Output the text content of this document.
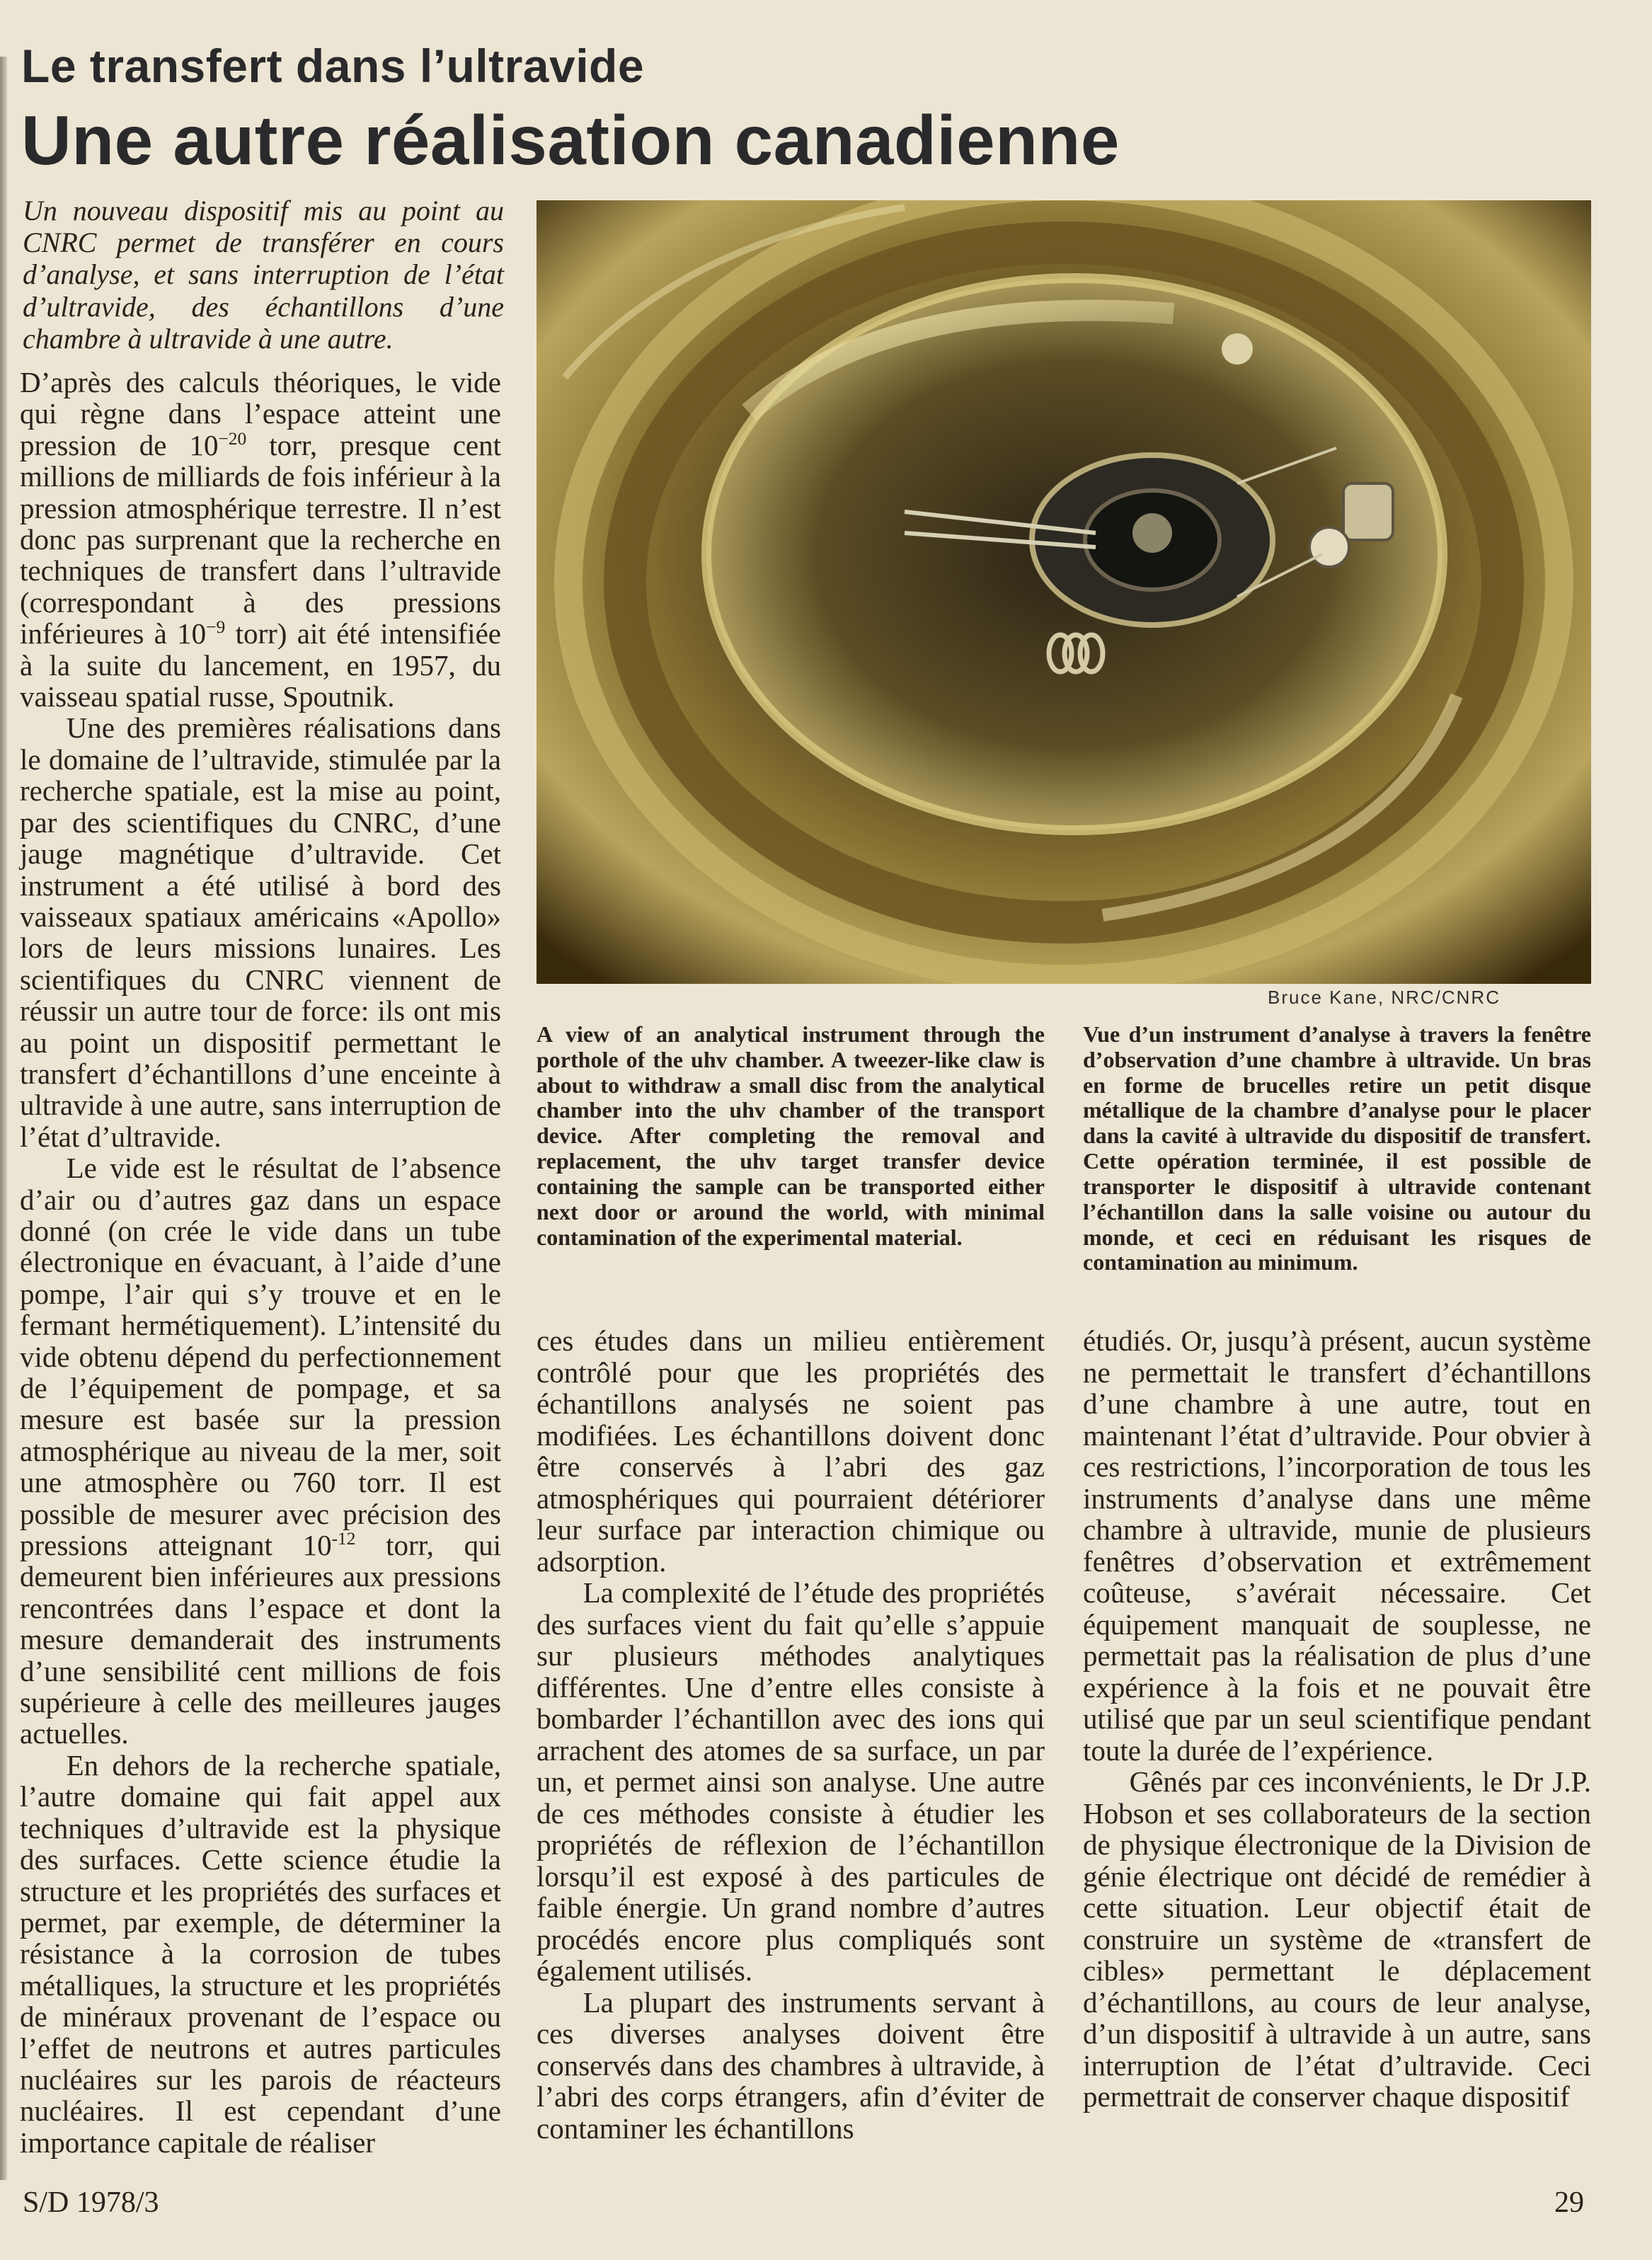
Le transfert dans l’ultravide
Une autre réalisation canadienne

Un nouveau dispositif mis au point au CNRC permet de transférer en cours d’analyse, et sans interruption de l’état d’ultravide, des échantillons d’une chambre à ultravide à une autre.

D’après des calculs théoriques, le vide qui règne dans l’espace atteint une pression de $10^{-20}$ torr, presque cent millions de milliards de fois inférieur à la pression atmosphérique terrestre. Il n’est donc pas surprenant que la recherche en techniques de transfert dans l’ultravide (correspondant à des pressions inférieures à $10^{-9}$ torr) ait été intensifiée à la suite du lancement, en 1957, du vaisseau spatial russe, Spoutnik.

Une des premières réalisations dans le domaine de l’ultravide, stimulée par la recherche spatiale, est la mise au point, par des scientifiques du CNRC, d’une jauge magnétique d’ultravide. Cet instrument a été utilisé à bord des vaisseaux spatiaux américains «Apollo» lors de leurs missions lunaires. Les scientifiques du CNRC viennent de réussir un autre tour de force: ils ont mis au point un dispositif permettant le transfert d’échantillons d’une enceinte à ultravide à une autre, sans interruption de l’état d’ultravide.

Le vide est le résultat de l’absence d’air ou d’autres gaz dans un espace donné (on crée le vide dans un tube électronique en évacuant, à l’aide d’une pompe, l’air qui s’y trouve et en le fermant hermétiquement). L’intensité du vide obtenu dépend du perfectionnement de l’équipement de pompage, et sa mesure est basée sur la pression atmosphérique au niveau de la mer, soit une atmosphère ou 760 torr. Il est possible de mesurer avec précision des pressions atteignant $10^{-12}$ torr, qui demeurent bien inférieures aux pressions rencontrées dans l’espace et dont la mesure demanderait des instruments d’une sensibilité cent millions de fois supérieure à celle des meilleures jauges actuelles.

En dehors de la recherche spatiale, l’autre domaine qui fait appel aux techniques d’ultravide est la physique des surfaces. Cette science étudie la structure et les propriétés des surfaces et permet, par exemple, de déterminer la résistance à la corrosion de tubes métalliques, la structure et les propriétés de minéraux provenant de l’espace ou l’effet de neutrons et autres particules nucléaires sur les parois de réacteurs nucléaires. Il est cependant d’une importance capitale de réaliser

Bruce Kane, NRC/CNRC

A view of an analytical instrument through the porthole of the uhv chamber. A tweezer-like claw is about to withdraw a small disc from the analytical chamber into the uhv chamber of the transport device. After completing the removal and replacement, the uhv target transfer device containing the sample can be transported either next door or around the world, with minimal contamination of the experimental material.

Vue d’un instrument d’analyse à travers la fenêtre d’observation d’une chambre à ultravide. Un bras en forme de brucelles retire un petit disque métallique de la chambre d’analyse pour le placer dans la cavité à ultravide du dispositif de transfert. Cette opération terminée, il est possible de transporter le dispositif à ultravide contenant l’échantillon dans la salle voisine ou autour du monde, et ceci en réduisant les risques de contamination au minimum.

ces études dans un milieu entièrement contrôlé pour que les propriétés des échantillons analysés ne soient pas modifiées. Les échantillons doivent donc être conservés à l’abri des gaz atmosphériques qui pourraient détériorer leur surface par interaction chimique ou adsorption.

La complexité de l’étude des propriétés des surfaces vient du fait qu’elle s’appuie sur plusieurs méthodes analytiques différentes. Une d’entre elles consiste à bombarder l’échantillon avec des ions qui arrachent des atomes de sa surface, un par un, et permet ainsi son analyse. Une autre de ces méthodes consiste à étudier les propriétés de réflexion de l’échantillon lorsqu’il est exposé à des particules de faible énergie. Un grand nombre d’autres procédés encore plus compliqués sont également utilisés.

La plupart des instruments servant à ces diverses analyses doivent être conservés dans des chambres à ultravide, à l’abri des corps étrangers, afin d’éviter de contaminer les échantillons

étudiés. Or, jusqu’à présent, aucun système ne permettait le transfert d’échantillons d’une chambre à une autre, tout en maintenant l’état d’ultravide. Pour obvier à ces restrictions, l’incorporation de tous les instruments d’analyse dans une même chambre à ultravide, munie de plusieurs fenêtres d’observation et extrêmement coûteuse, s’avérait nécessaire. Cet équipement manquait de souplesse, ne permettait pas la réalisation de plus d’une expérience à la fois et ne pouvait être utilisé que par un seul scientifique pendant toute la durée de l’expérience.

Gênés par ces inconvénients, le Dr J.P. Hobson et ses collaborateurs de la section de physique électronique de la Division de génie électrique ont décidé de remédier à cette situation. Leur objectif était de construire un système de «transfert de cibles» permettant le déplacement d’échantillons, au cours de leur analyse, d’un dispositif à ultravide à un autre, sans interruption de l’état d’ultravide. Ceci permettrait de conserver chaque dispositif

S/D 1978/3	29
